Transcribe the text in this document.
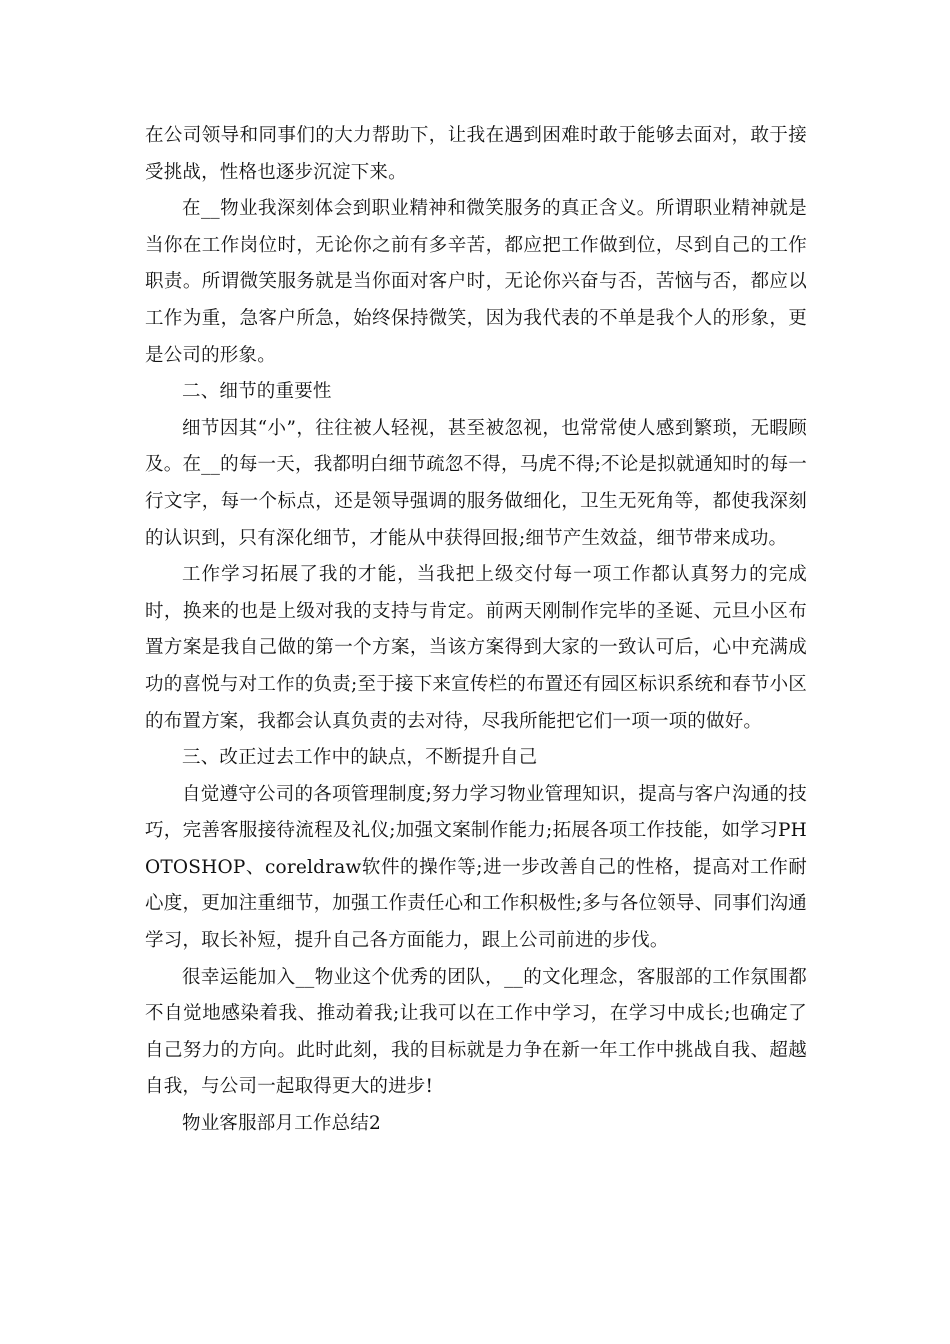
在公司领导和同事们的大力帮助下，让我在遇到困难时敢于能够去面对，敢于接受挑战，性格也逐步沉淀下来。

在__物业我深刻体会到职业精神和微笑服务的真正含义。所谓职业精神就是当你在工作岗位时，无论你之前有多辛苦，都应把工作做到位，尽到自己的工作职责。所谓微笑服务就是当你面对客户时，无论你兴奋与否，苦恼与否，都应以工作为重，急客户所急，始终保持微笑，因为我代表的不单是我个人的形象，更是公司的形象。

二、细节的重要性

细节因其“小”，往往被人轻视，甚至被忽视，也常常使人感到繁琐，无暇顾及。在__的每一天，我都明白细节疏忽不得，马虎不得;不论是拟就通知时的每一行文字，每一个标点，还是领导强调的服务做细化，卫生无死角等，都使我深刻的认识到，只有深化细节，才能从中获得回报;细节产生效益，细节带来成功。

工作学习拓展了我的才能，当我把上级交付每一项工作都认真努力的完成时，换来的也是上级对我的支持与肯定。前两天刚制作完毕的圣诞、元旦小区布置方案是我自己做的第一个方案，当该方案得到大家的一致认可后，心中充满成功的喜悦与对工作的负责;至于接下来宣传栏的布置还有园区标识系统和春节小区的布置方案，我都会认真负责的去对待，尽我所能把它们一项一项的做好。

三、改正过去工作中的缺点，不断提升自己

自觉遵守公司的各项管理制度;努力学习物业管理知识，提高与客户沟通的技巧，完善客服接待流程及礼仪;加强文案制作能力;拓展各项工作技能，如学习PHOTOSHOP、coreldraw软件的操作等;进一步改善自己的性格，提高对工作耐心度，更加注重细节，加强工作责任心和工作积极性;多与各位领导、同事们沟通学习，取长补短，提升自己各方面能力，跟上公司前进的步伐。

很幸运能加入__物业这个优秀的团队，__的文化理念，客服部的工作氛围都不自觉地感染着我、推动着我;让我可以在工作中学习，在学习中成长;也确定了自己努力的方向。此时此刻，我的目标就是力争在新一年工作中挑战自我、超越自我，与公司一起取得更大的进步!

物业客服部月工作总结2
